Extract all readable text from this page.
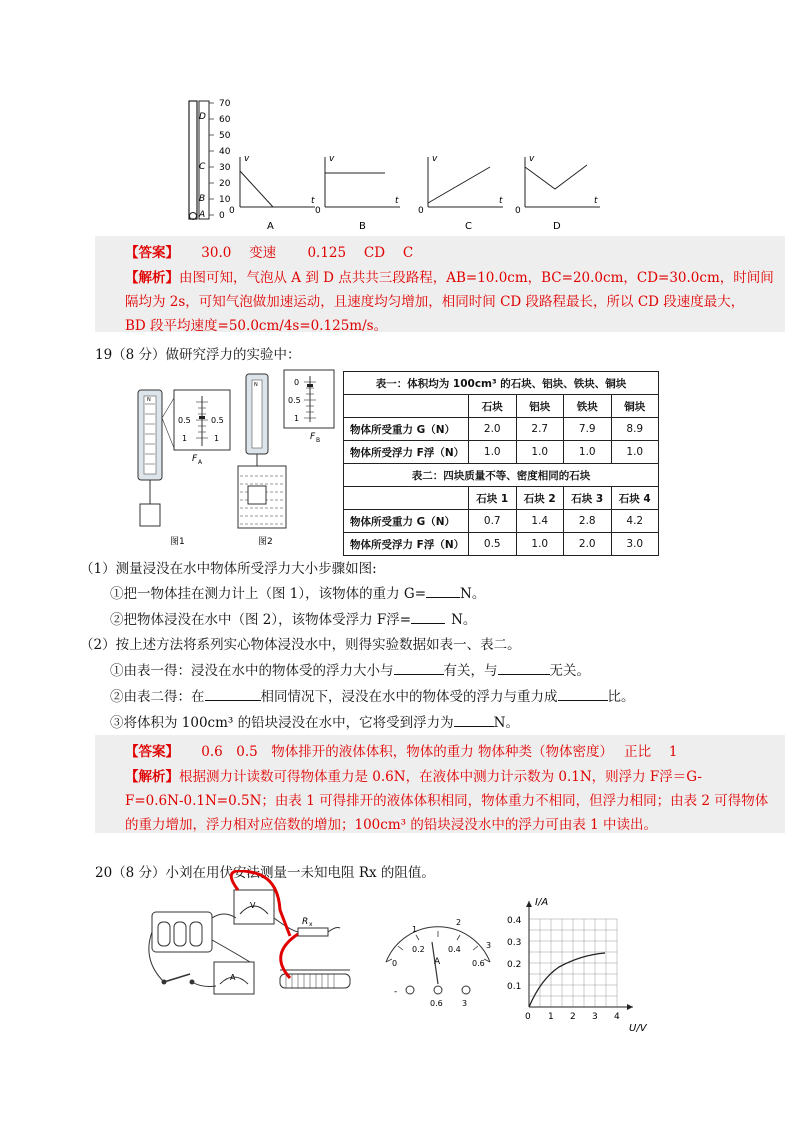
70
60
50
40
30
20
10
0
D
C
B
A
v
t
0
A
v
t
0
B
v
t
0
C
v
t
0
D
【答案】 30.0　 变速　　 0.125　 CD　 C
【解析】由图可知，气泡从 A 到 D 点共共三段路程，AB=10.0cm，BC=20.0cm，CD=30.0cm，时间间
隔均为 2s，可知气泡做加速运动，且速度均匀增加，相同时间 CD 段路程最长，所以 CD 段速度最大，
BD 段平均速度=50.0cm/4s=0.125m/s。
19（8 分）做研究浮力的实验中：
N
0.5
1
0.5
1
F A
图1
N	0
0.5
1
F B
图2
表一：体积均为 100cm³ 的石块、铝块、铁块、铜块				
	石块	铝块	铁块	铜块
物体所受重力 G（N）	2.0	2.7	7.9	8.9
物体所受浮力 F浮（N）	1.0	1.0	1.0	1.0
表二：四块质量不等、密度相同的石块				
	石块 1	石块 2	石块 3	石块 4
物体所受重力 G（N）	0.7	1.4	2.8	4.2
物体所受浮力 F浮（N）	0.5	1.0	2.0	3.0
（1）测量浸没在水中物体所受浮力大小步骤如图:
①把一物体挂在测力计上（图 1），该物体的重力 G=	N。
②把物体浸没在水中（图 2），该物体受浮力 F浮=	N。
（2）按上述方法将系列实心物体浸没水中，则得实验数据如表一、表二。
①由表一得：浸没在水中的物体受的浮力大小与	有关，与	无关。
②由表二得：在	相同情况下，浸没在水中的物体受的浮力与重力成	比。
③将体积为 100cm³ 的铅块浸没在水中，它将受到浮力为	N。
【答案】 0.6　0.5　物体排开的液体体积，物体的重力 物体种类（物体密度）　 正比　 1
【解析】根据测力计读数可得物体重力是 0.6N，在液体中测力计示数为 0.1N，则浮力 F浮＝G-
F=0.6N-0.1N=0.5N；由表 1 可得排开的液体体积相同，物体重力不相同，但浮力相同；由表 2 可得物体
的重力增加，浮力相对应倍数的增加；100cm³ 的铅块浸没水中的浮力可由表 1 中读出。
20（8 分）小刘在用伏安法测量一未知电阻 Rx 的阻值。
V
R x
A
0
0.2	0.4
0.6
1
2
3
A
-
0.6 3
I/A
U/V
0.4
0.3
0.2
0.1
0 1 2 3 4
